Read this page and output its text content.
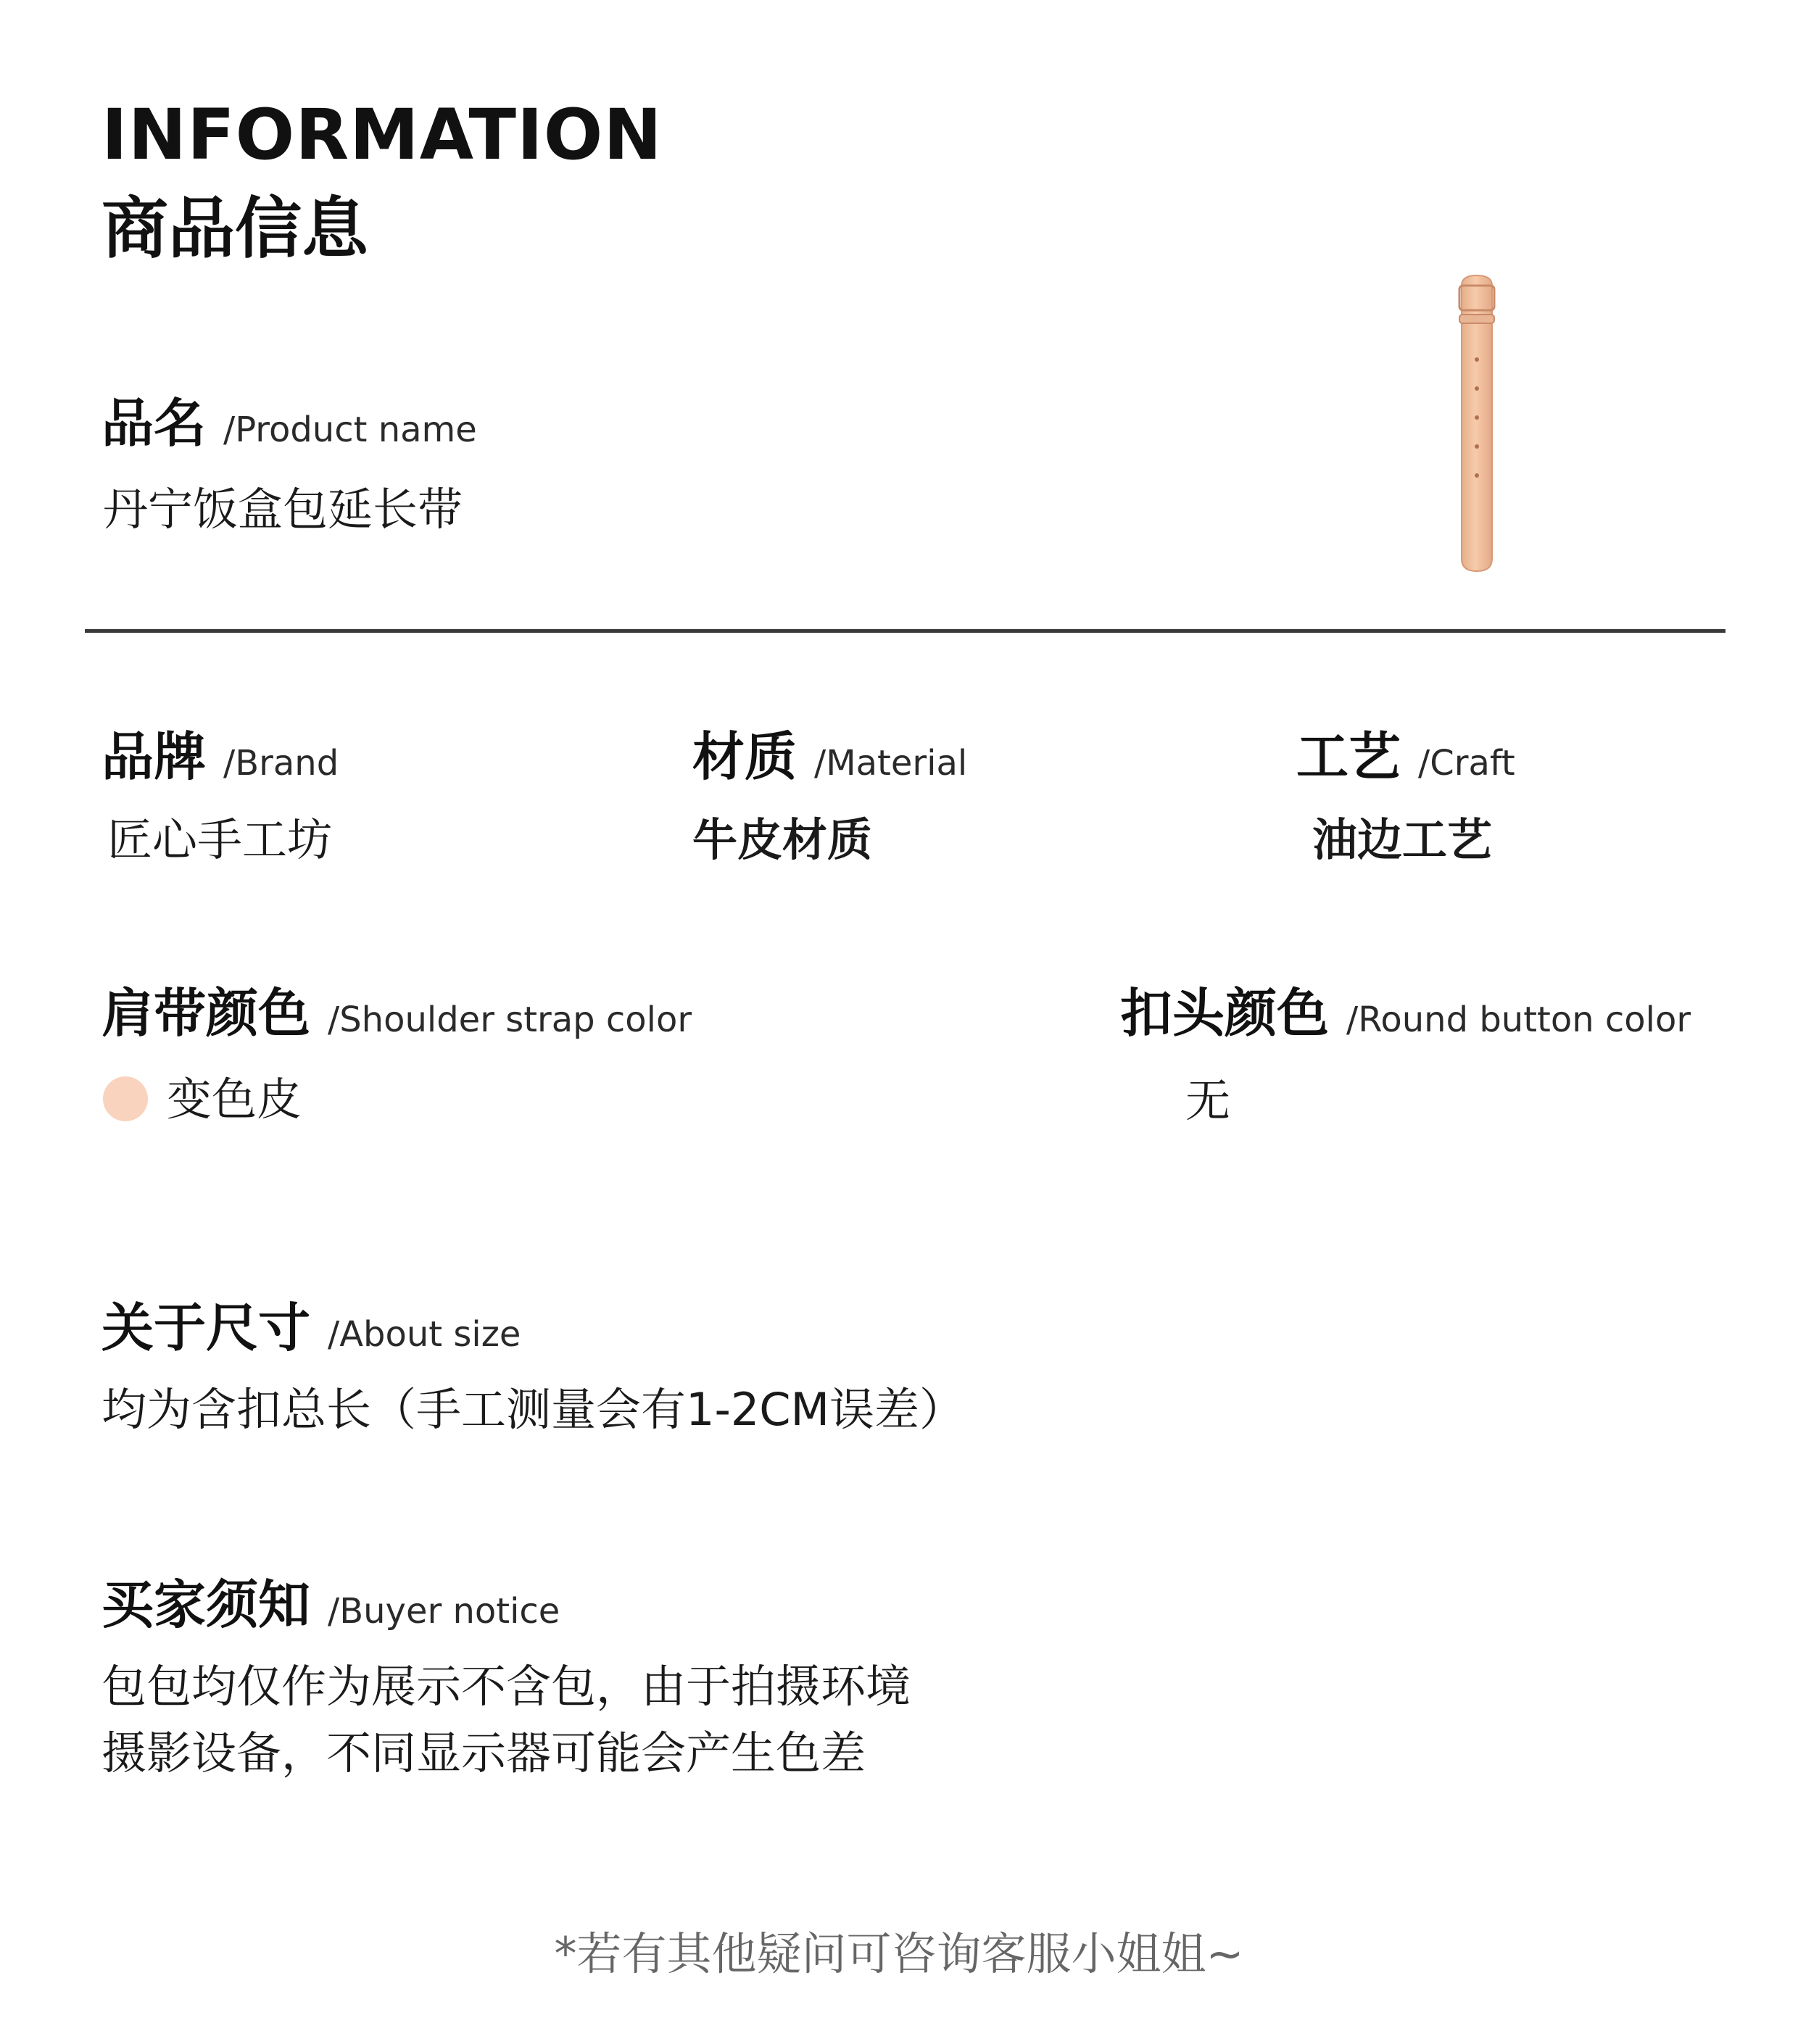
INFORMATION
商品信息
品名 /Product name
丹宁饭盒包延长带
品牌 /Brand
匠心手工坊
材质 /Material
牛皮材质
工艺 /Craft
油边工艺
肩带颜色 /Shoulder strap color
变色皮
扣头颜色 /Round button color
无
关于尺寸 /About size
均为含扣总长（手工测量会有1-2CM误差）
买家须知 /Buyer notice
包包均仅作为展示不含包，由于拍摄环境
摄影设备，不同显示器可能会产生色差
*若有其他疑问可咨询客服小姐姐~
